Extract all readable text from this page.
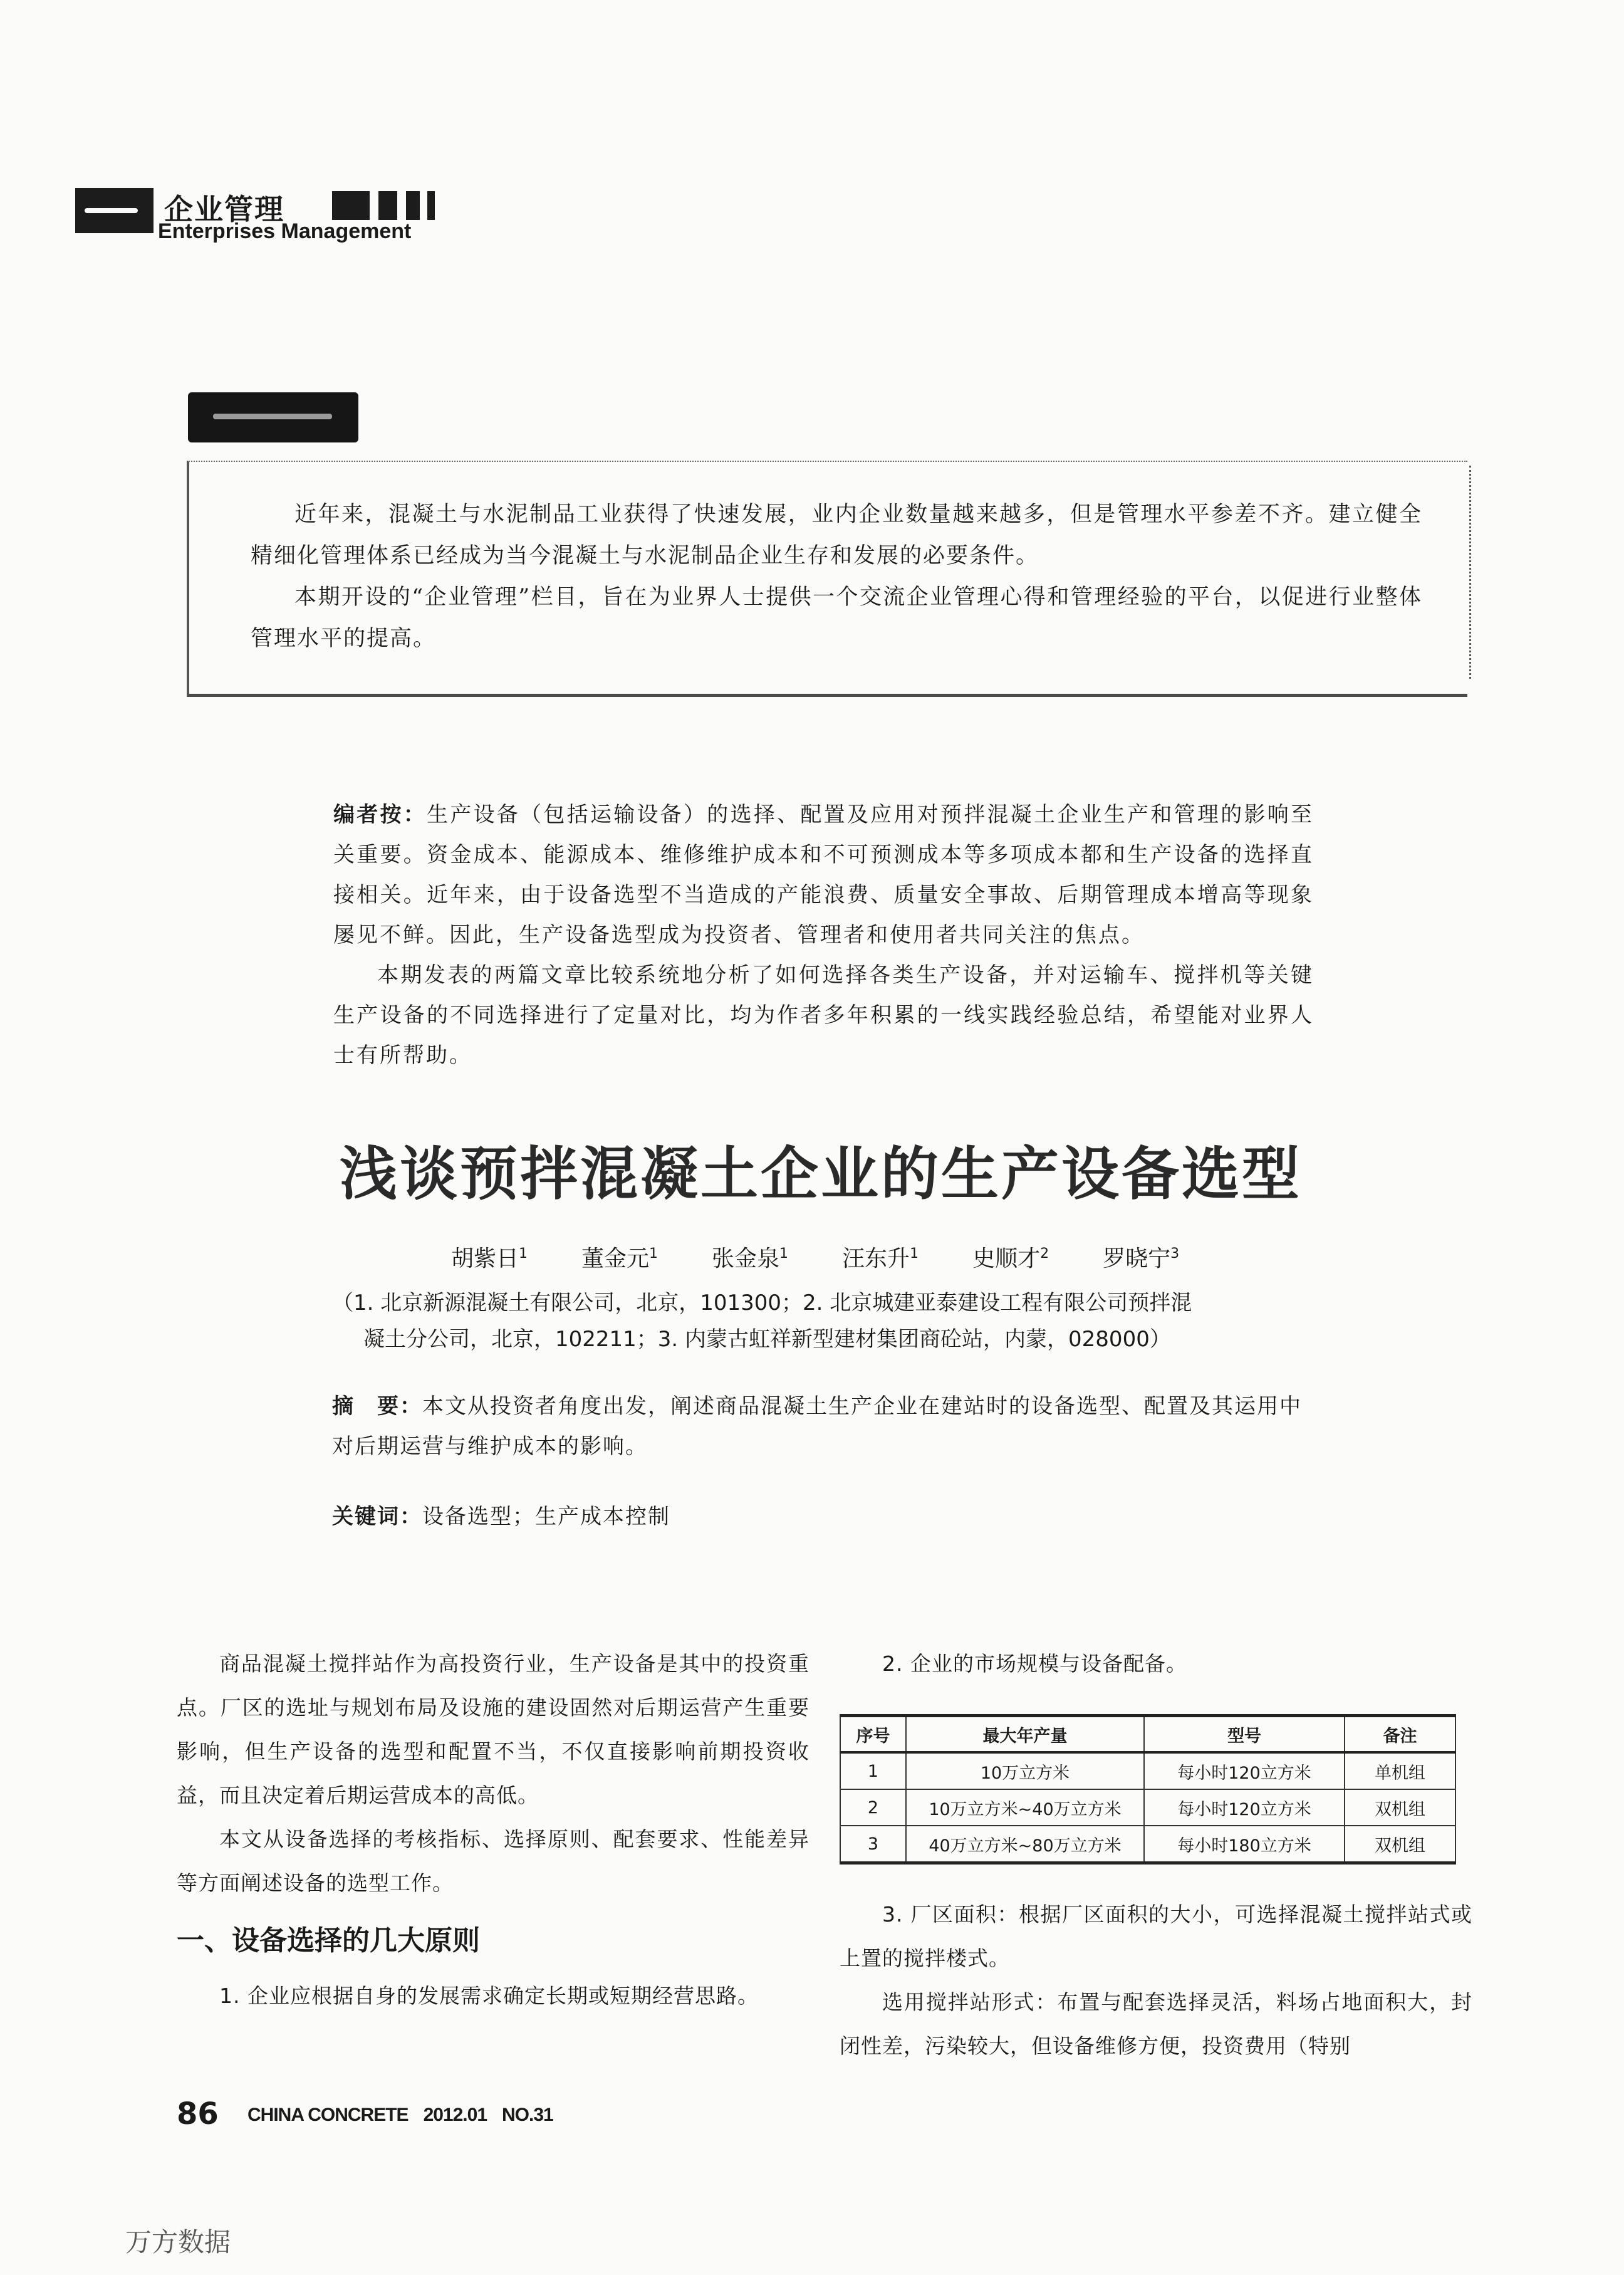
企业管理
Enterprises Management
近年来，混凝土与水泥制品工业获得了快速发展，业内企业数量越来越多，但是管理水平参差不齐。建立健全精细化管理体系已经成为当今混凝土与水泥制品企业生存和发展的必要条件。
本期开设的“企业管理”栏目，旨在为业界人士提供一个交流企业管理心得和管理经验的平台，以促进行业整体管理水平的提高。
编者按：生产设备（包括运输设备）的选择、配置及应用对预拌混凝土企业生产和管理的影响至关重要。资金成本、能源成本、维修维护成本和不可预测成本等多项成本都和生产设备的选择直接相关。近年来，由于设备选型不当造成的产能浪费、质量安全事故、后期管理成本增高等现象屡见不鲜。因此，生产设备选型成为投资者、管理者和使用者共同关注的焦点。
本期发表的两篇文章比较系统地分析了如何选择各类生产设备，并对运输车、搅拌机等关键生产设备的不同选择进行了定量对比，均为作者多年积累的一线实践经验总结，希望能对业界人士有所帮助。
浅谈预拌混凝土企业的生产设备选型
胡紫日$^1$ 董金元$^1$ 张金泉$^1$ 汪东升$^1$ 史顺才$^2$ 罗晓宁$^3$
（1. 北京新源混凝土有限公司，北京，101300；2. 北京城建亚泰建设工程有限公司预拌混
凝土分公司，北京，102211；3. 内蒙古虹祥新型建材集团商砼站，内蒙，028000）
摘　要：本文从投资者角度出发，阐述商品混凝土生产企业在建站时的设备选型、配置及其运用中对后期运营与维护成本的影响。
关键词：设备选型；生产成本控制
商品混凝土搅拌站作为高投资行业，生产设备是其中的投资重点。厂区的选址与规划布局及设施的建设固然对后期运营产生重要影响，但生产设备的选型和配置不当，不仅直接影响前期投资收益，而且决定着后期运营成本的高低。
本文从设备选择的考核指标、选择原则、配套要求、性能差异等方面阐述设备的选型工作。
一、设备选择的几大原则
1. 企业应根据自身的发展需求确定长期或短期经营思路。
2. 企业的市场规模与设备配备。
序号	最大年产量	型号	备注
1	10万立方米	每小时120立方米	单机组
2	10万立方米~40万立方米	每小时120立方米	双机组
3	40万立方米~80万立方米	每小时180立方米	双机组
3. 厂区面积：根据厂区面积的大小，可选择混凝土搅拌站式或上置的搅拌楼式。
选用搅拌站形式：布置与配套选择灵活，料场占地面积大，封闭性差，污染较大，但设备维修方便，投资费用（特别
86 CHINA CONCRETE 2012.01 NO.31
万方数据
